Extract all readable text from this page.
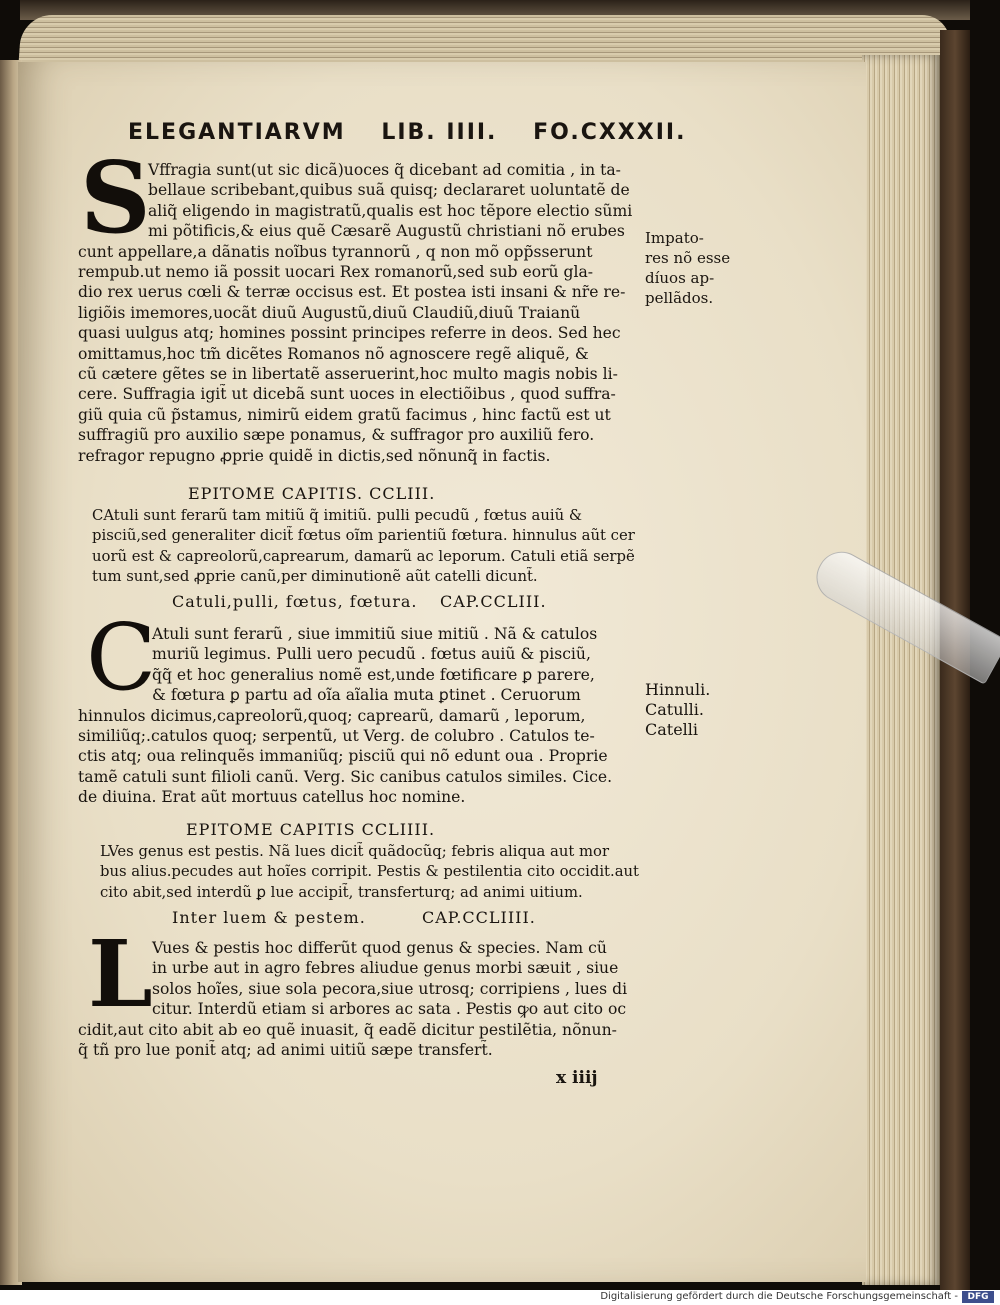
ELEGANTIARVM LIB. IIII. FO.CXXXII.
S
Vffragia sunt(ut sic dicã)uoces q̃ dicebant ad comitia , in ta-
bellaue scribebant,quibus suã quisq; declararet uoluntatẽ de
aliq̃ eligendo in magistratũ,qualis est hoc tẽpore electio sũmi
mi põtificis,& eius quẽ Cæsarẽ Augustũ christiani nõ erubes
cunt appellare,a dãnatis noĩbus tyrannorũ , q non mõ opp̃sserunt
rempub.ut nemo iã possit uocari Rex romanorũ,sed sub eorũ gla-
dio rex uerus cœli & terræ occisus est. Et postea isti insani & nr̃e re-
ligiõis imemores,uocãt diuũ Augustũ,diuũ Claudiũ,diuũ Traianũ
quasi uulgus atq; homines possint principes referre in deos. Sed hec
omittamus,hoc tm̃ dicẽtes Romanos nõ agnoscere regẽ aliquẽ, &
cũ cætere gẽtes se in libertatẽ asseruerint,hoc multo magis nobis li-
cere. Suffragia igit̃ ut dicebã sunt uoces in electiõibus , quod suffra-
giũ quia cũ p̃stamus, nimirũ eidem gratũ facimus , hinc factũ est ut
suffragiũ pro auxilio sæpe ponamus, & suffragor pro auxiliũ fero.
refragor repugno ꝓprie quidẽ in dictis,sed nõnunq̃ in factis.
Impato-
res nõ esse
díuos ap-
pellãdos.
EPITOME CAPITIS. CCLIII.
CAtuli sunt ferarũ tam mitiũ q̃ imitiũ. pulli pecudũ , fœtus auiũ &
pisciũ,sed generaliter dicit̃ fœtus oĩm parientiũ fœtura. hinnulus aũt cer
uorũ est & capreolorũ,caprearum, damarũ ac leporum. Catuli etiã serpẽ
tum sunt,sed ꝓprie canũ,per diminutionẽ aũt catelli dicunt̃.
Catuli,pulli, fœtus, fœtura. CAP.CCLIII.
C
Atuli sunt ferarũ , siue immitiũ siue mitiũ . Nã & catulos
muriũ legimus. Pulli uero pecudũ . fœtus auiũ & pisciũ,
q̃q̃ et hoc generalius nomẽ est,unde fœtificare ꝑ parere,
& fœtura ꝑ partu ad oĩa aĩalia muta ꝑtinet . Ceruorum
hinnulos dicimus,capreolorũ,quoq; caprearũ, damarũ , leporum,
similiũq;.catulos quoq; serpentũ, ut Verg. de colubro . Catulos te-
ctis atq; oua relinquẽs immaniũq; pisciũ qui nõ edunt oua . Proprie
tamẽ catuli sunt filioli canũ. Verg. Sic canibus catulos similes. Cice.
de diuina. Erat aũt mortuus catellus hoc nomine.
Hinnuli.
Catulli.
Catelli
EPITOME CAPITIS CCLIIII.
LVes genus est pestis. Nã lues dicit̃ quãdocũq; febris aliqua aut mor
bus alius.pecudes aut hoĩes corripit. Pestis & pestilentia cito occidit.aut
cito abit,sed interdũ ꝑ lue accipit̃, transferturq; ad animi uitium.
Inter luem & pestem.	CAP.CCLIIII.
L Vues & pestis hoc differũt quod genus & species. Nam cũ
in urbe aut in agro febres aliudue genus morbi sæuit , siue
solos hoĩes, siue sola pecora,siue utrosq; corripiens , lues di
citur. Interdũ etiam si arbores ac sata . Pestis ꝙo aut cito oc
cidit,aut cito abit ab eo quẽ inuasit, q̃ eadẽ dicitur pestilẽtia, nõnun-
q̃ tñ pro lue ponit̃ atq; ad animi uitiũ sæpe transfert̃.
x iiij
Digitalisierung gefördert durch die Deutsche Forschungsgemeinschaft -	DFG
